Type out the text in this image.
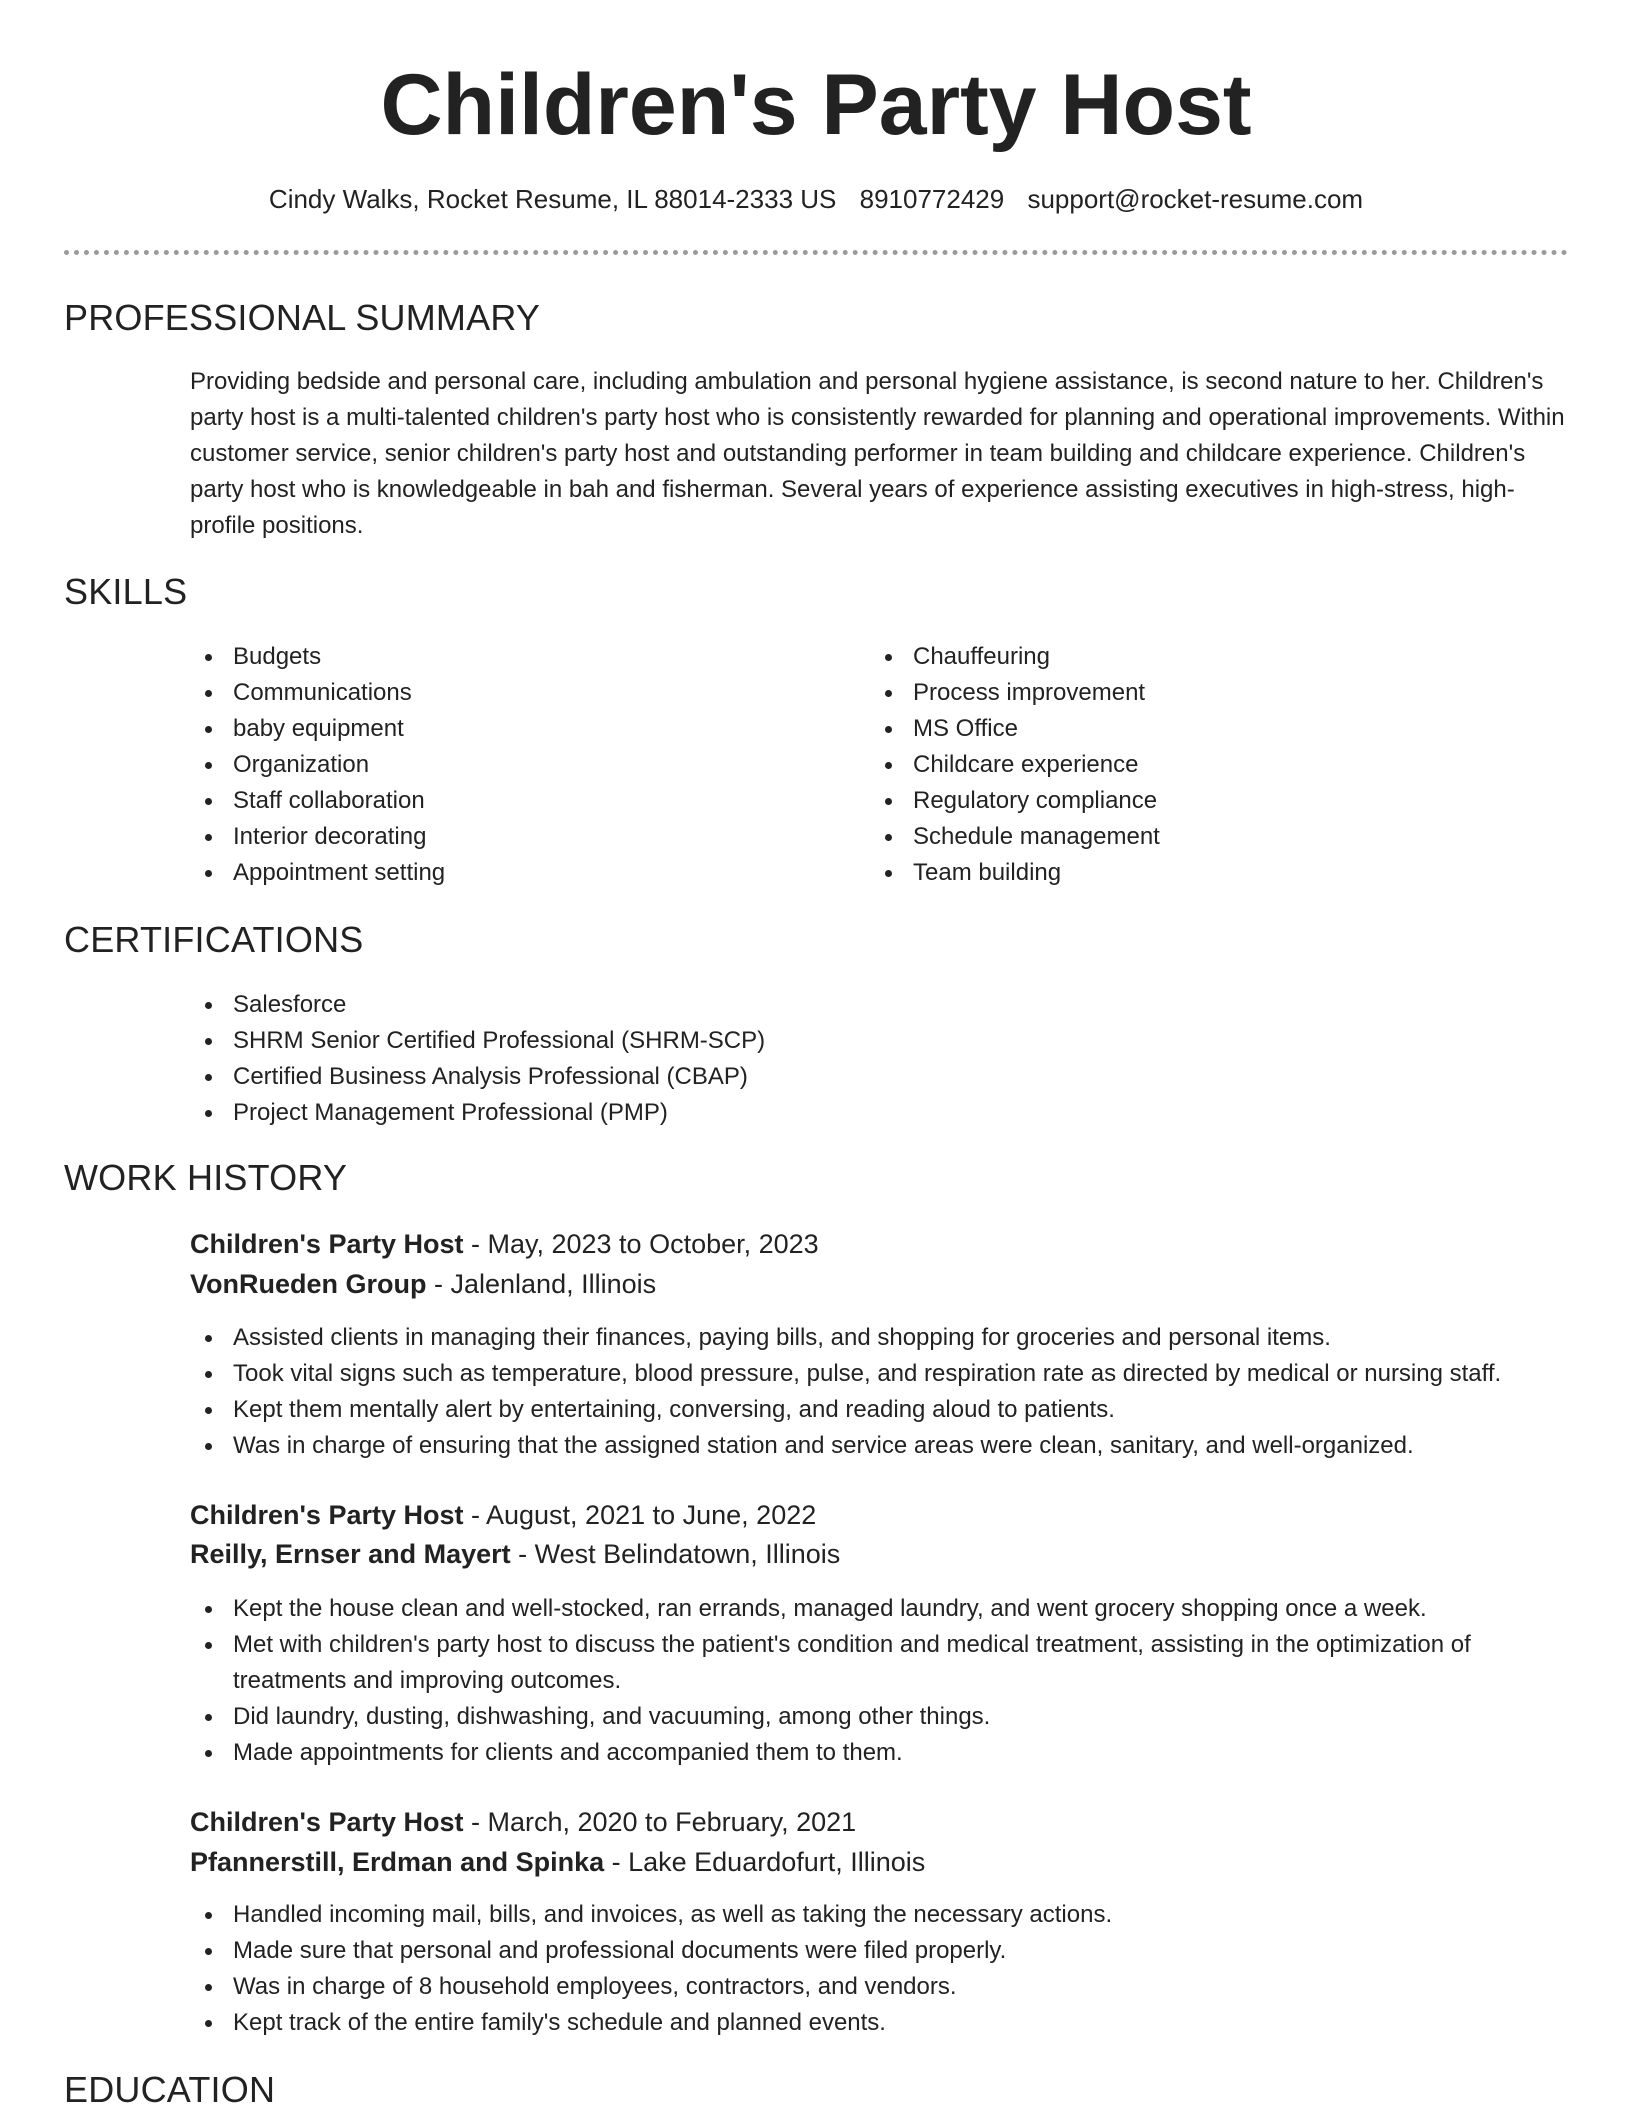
Children's Party Host
Cindy Walks, Rocket Resume, IL 88014-2333 US 8910772429 support@rocket-resume.com
PROFESSIONAL SUMMARY

Providing bedside and personal care, including ambulation and personal hygiene assistance, is second nature to her. Children's party host is a multi-talented children's party host who is consistently rewarded for planning and operational improvements. Within customer service, senior children's party host and outstanding performer in team building and childcare experience. Children's party host who is knowledgeable in bah and fisherman. Several years of experience assisting executives in high-stress, high-profile positions.

SKILLS
Budgets
Communications
baby equipment
Organization
Staff collaboration
Interior decorating
Appointment setting
Chauffeuring
Process improvement
MS Office
Childcare experience
Regulatory compliance
Schedule management
Team building
CERTIFICATIONS
Salesforce
SHRM Senior Certified Professional (SHRM-SCP)
Certified Business Analysis Professional (CBAP)
Project Management Professional (PMP)
WORK HISTORY
Children's Party Host - May, 2023 to October, 2023
VonRueden Group - Jalenland, Illinois
Assisted clients in managing their finances, paying bills, and shopping for groceries and personal items.
Took vital signs such as temperature, blood pressure, pulse, and respiration rate as directed by medical or nursing staff.
Kept them mentally alert by entertaining, conversing, and reading aloud to patients.
Was in charge of ensuring that the assigned station and service areas were clean, sanitary, and well-organized.
Children's Party Host - August, 2021 to June, 2022
Reilly, Ernser and Mayert - West Belindatown, Illinois
Kept the house clean and well-stocked, ran errands, managed laundry, and went grocery shopping once a week.
Met with children's party host to discuss the patient's condition and medical treatment, assisting in the optimization of treatments and improving outcomes.
Did laundry, dusting, dishwashing, and vacuuming, among other things.
Made appointments for clients and accompanied them to them.
Children's Party Host - March, 2020 to February, 2021
Pfannerstill, Erdman and Spinka - Lake Eduardofurt, Illinois
Handled incoming mail, bills, and invoices, as well as taking the necessary actions.
Made sure that personal and professional documents were filed properly.
Was in charge of 8 household employees, contractors, and vendors.
Kept track of the entire family's schedule and planned events.
EDUCATION
